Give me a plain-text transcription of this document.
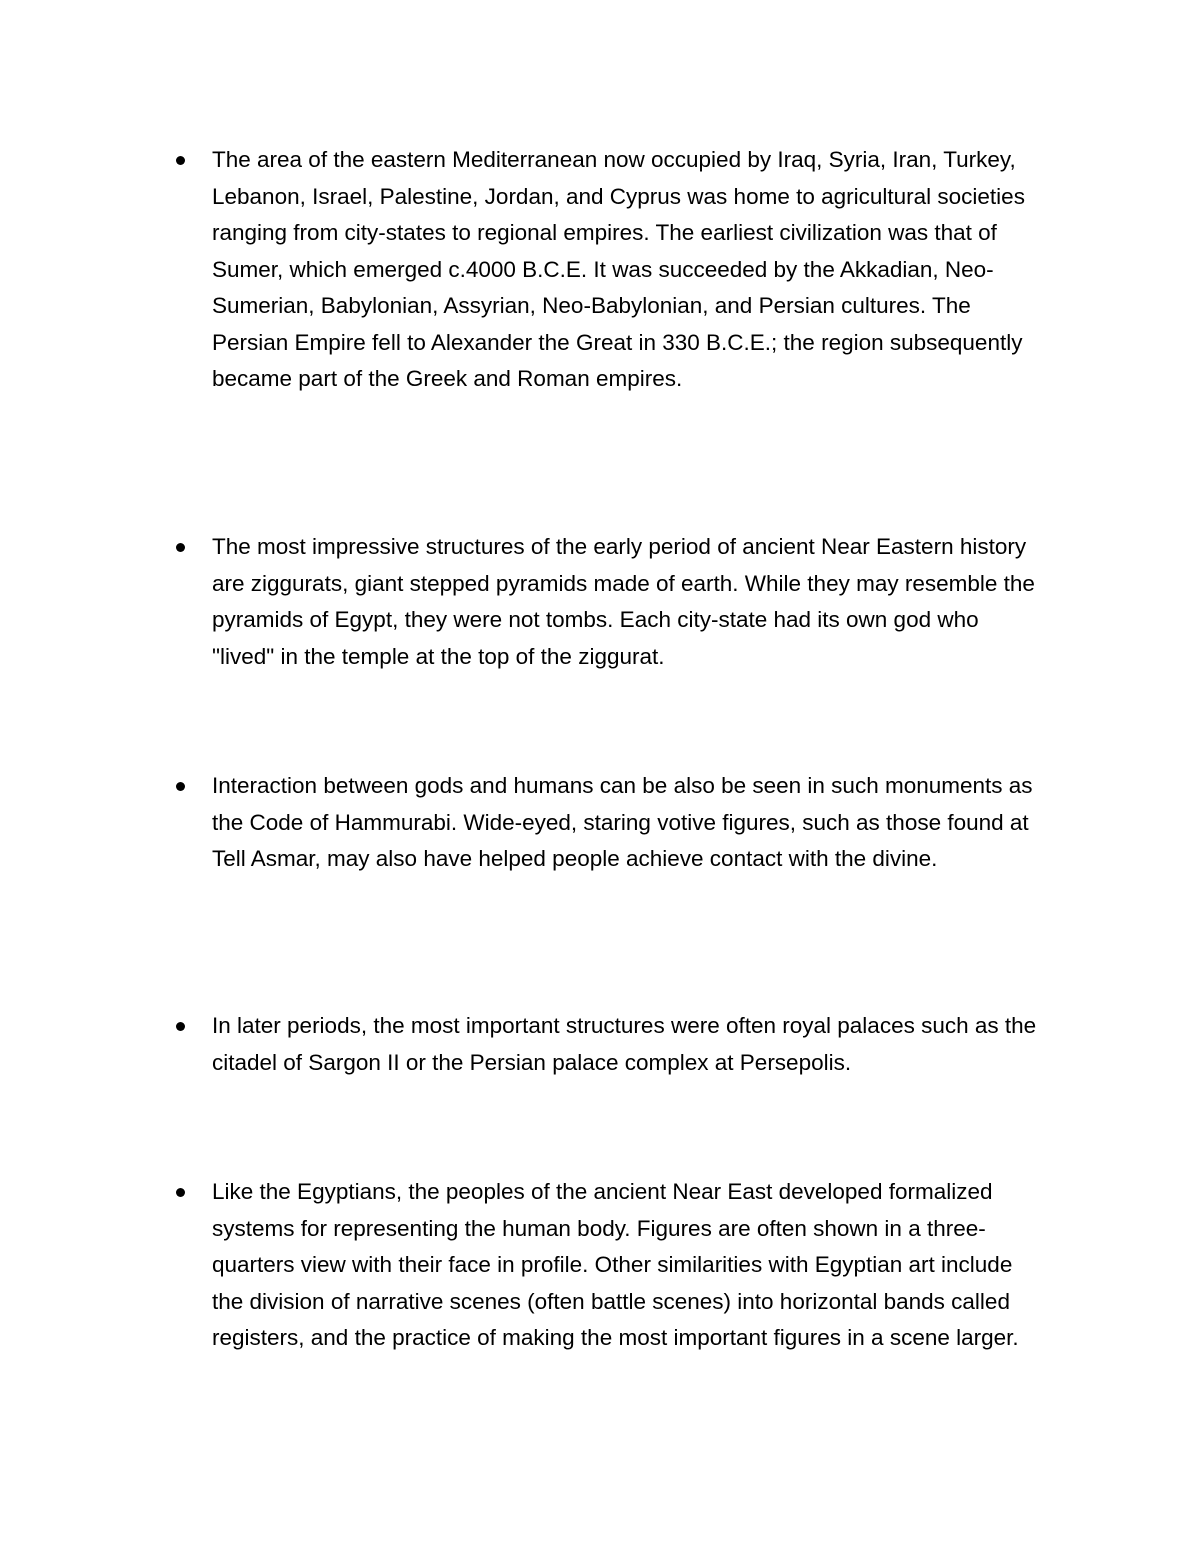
The area of the eastern Mediterranean now occupied by Iraq, Syria, Iran, Turkey, Lebanon, Israel, Palestine, Jordan, and Cyprus was home to agricultural societies ranging from city-states to regional empires. The earliest civilization was that of Sumer, which emerged c.4000 B.C.E. It was succeeded by the Akkadian, Neo-Sumerian, Babylonian, Assyrian, Neo-Babylonian, and Persian cultures. The Persian Empire fell to Alexander the Great in 330 B.C.E.; the region subsequently became part of the Greek and Roman empires.
The most impressive structures of the early period of ancient Near Eastern history are ziggurats, giant stepped pyramids made of earth. While they may resemble the pyramids of Egypt, they were not tombs. Each city-state had its own god who "lived" in the temple at the top of the ziggurat.
Interaction between gods and humans can be also be seen in such monuments as the Code of Hammurabi. Wide-eyed, staring votive figures, such as those found at Tell Asmar, may also have helped people achieve contact with the divine.
In later periods, the most important structures were often royal palaces such as the citadel of Sargon II or the Persian palace complex at Persepolis.
Like the Egyptians, the peoples of the ancient Near East developed formalized systems for representing the human body. Figures are often shown in a three-quarters view with their face in profile. Other similarities with Egyptian art include the division of narrative scenes (often battle scenes) into horizontal bands called registers, and the practice of making the most important figures in a scene larger.
